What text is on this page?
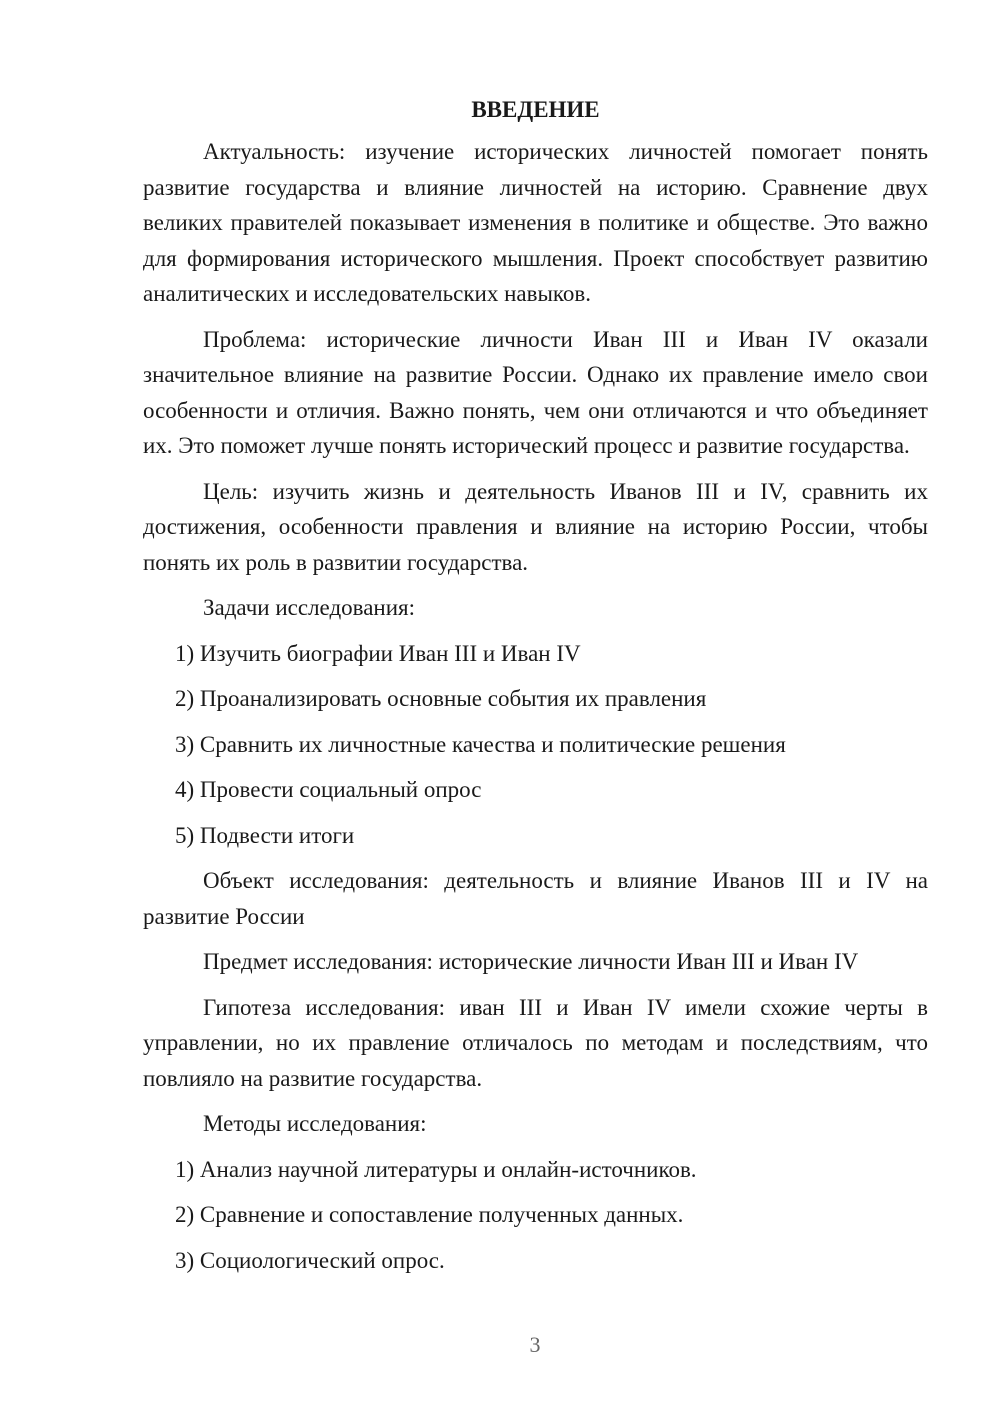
ВВЕДЕНИЕ

Актуальность: изучение исторических личностей помогает понять развитие государства и влияние личностей на историю. Сравнение двух великих правителей показывает изменения в политике и обществе. Это важно для формирования исторического мышления. Проект способствует развитию аналитических и исследовательских навыков.

Проблема: исторические личности Иван III и Иван IV оказали значительное влияние на развитие России. Однако их правление имело свои особенности и отличия. Важно понять, чем они отличаются и что объединяет их. Это поможет лучше понять исторический процесс и развитие государства.

Цель: изучить жизнь и деятельность Иванов III и IV, сравнить их достижения, особенности правления и влияние на историю России, чтобы понять их роль в развитии государства.

Задачи исследования:

1) Изучить биографии Иван III и Иван IV
2) Проанализировать основные события их правления
3) Сравнить их личностные качества и политические решения
4) Провести социальный опрос
5) Подвести итоги

Объект исследования: деятельность и влияние Иванов III и IV на развитие России

Предмет исследования: исторические личности Иван III и Иван IV

Гипотеза исследования: иван III и Иван IV имели схожие черты в управлении, но их правление отличалось по методам и последствиям, что повлияло на развитие государства.

Методы исследования:

1) Анализ научной литературы и онлайн-источников.
2) Сравнение и сопоставление полученных данных.
3) Социологический опрос.
3
